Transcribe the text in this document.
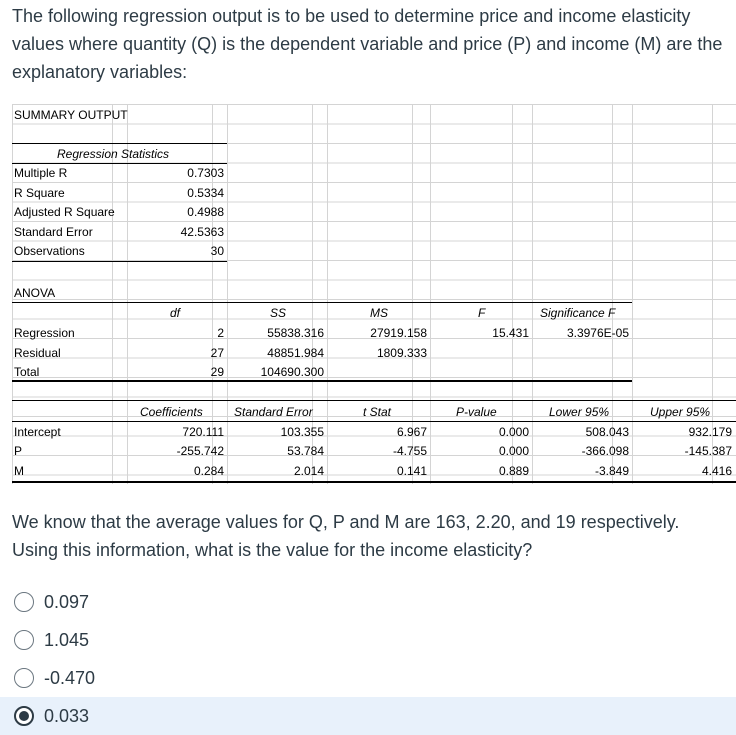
The following regression output is to be used to determine price and income elasticity values where quantity (Q) is the dependent variable and price (P) and income (M) are the explanatory variables:

SUMMARY OUTPUT
Regression Statistics
Multiple R	0.7303
R Square	0.5334
Adjusted R Square	0.4988
Standard Error	42.5363
Observations	30
ANOVA
df	SS	MS	F	Significance F
Regression	2	55838.316	27919.158	15.431	3.3976E-05
Residual	27	48851.984	1809.333
Total	29	104690.300
Coefficients	Standard Error	t Stat	P-value	Lower 95%	Upper 95%
Intercept	720.111	103.355	6.967	0.000	508.043	932.179
P	-255.742	53.784	-4.755	0.000	-366.098	-145.387
M	0.284	2.014	0.141	0.889	-3.849	4.416

We know that the average values for Q, P and M are 163, 2.20, and 19 respectively. Using this information, what is the value for the income elasticity?

0.097
1.045
-0.470
0.033
